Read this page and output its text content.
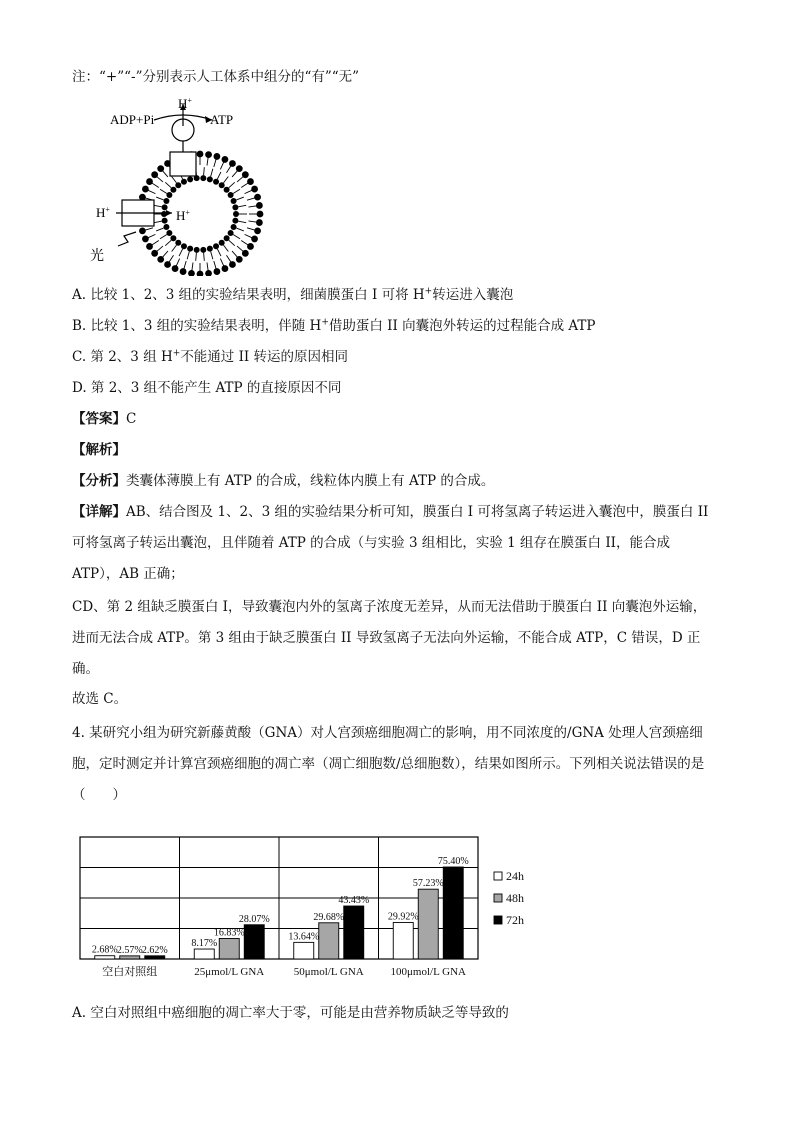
注：“+”“-”分别表示人工体系中组分的“有”“无”
H+
ADP+Pi	ATP
H+	H+
光
A. 比较 1、2、3 组的实验结果表明，细菌膜蛋白 I 可将 H+转运进入囊泡
B. 比较 1、3 组的实验结果表明，伴随 H+借助蛋白 II 向囊泡外转运的过程能合成 ATP
C. 第 2、3 组 H+不能通过 II 转运的原因相同
D. 第 2、3 组不能产生 ATP 的直接原因不同
【答案】C
【解析】
【分析】类囊体薄膜上有 ATP 的合成，线粒体内膜上有 ATP 的合成。
【详解】AB、结合图及 1、2、3 组的实验结果分析可知，膜蛋白 I 可将氢离子转运进入囊泡中，膜蛋白 II
可将氢离子转运出囊泡，且伴随着 ATP 的合成（与实验 3 组相比，实验 1 组存在膜蛋白 II，能合成
ATP），AB 正确；
CD、第 2 组缺乏膜蛋白 I，导致囊泡内外的氢离子浓度无差异，从而无法借助于膜蛋白 II 向囊泡外运输，
进而无法合成 ATP。第 3 组由于缺乏膜蛋白 II 导致氢离子无法向外运输，不能合成 ATP，C 错误，D 正
确。
故选 C。
4. 某研究小组为研究新藤黄酸（GNA）对人宫颈癌细胞凋亡的影响，用不同浓度的/GNA 处理人宫颈癌细
胞，定时测定并计算宫颈癌细胞的凋亡率（凋亡细胞数/总细胞数），结果如图所示。下列相关说法错误的是
（　　）
2.68% 2.57% 2.62%
空白对照组
8.17%
16.83%
28.07%
25μmol/L GNA
13.64%
29.68%
43.43%
50μmol/L GNA
29.92%
57.23%
75.40%
100μmol/L GNA
24h
48h
72h
A. 空白对照组中癌细胞的凋亡率大于零，可能是由营养物质缺乏等导致的
